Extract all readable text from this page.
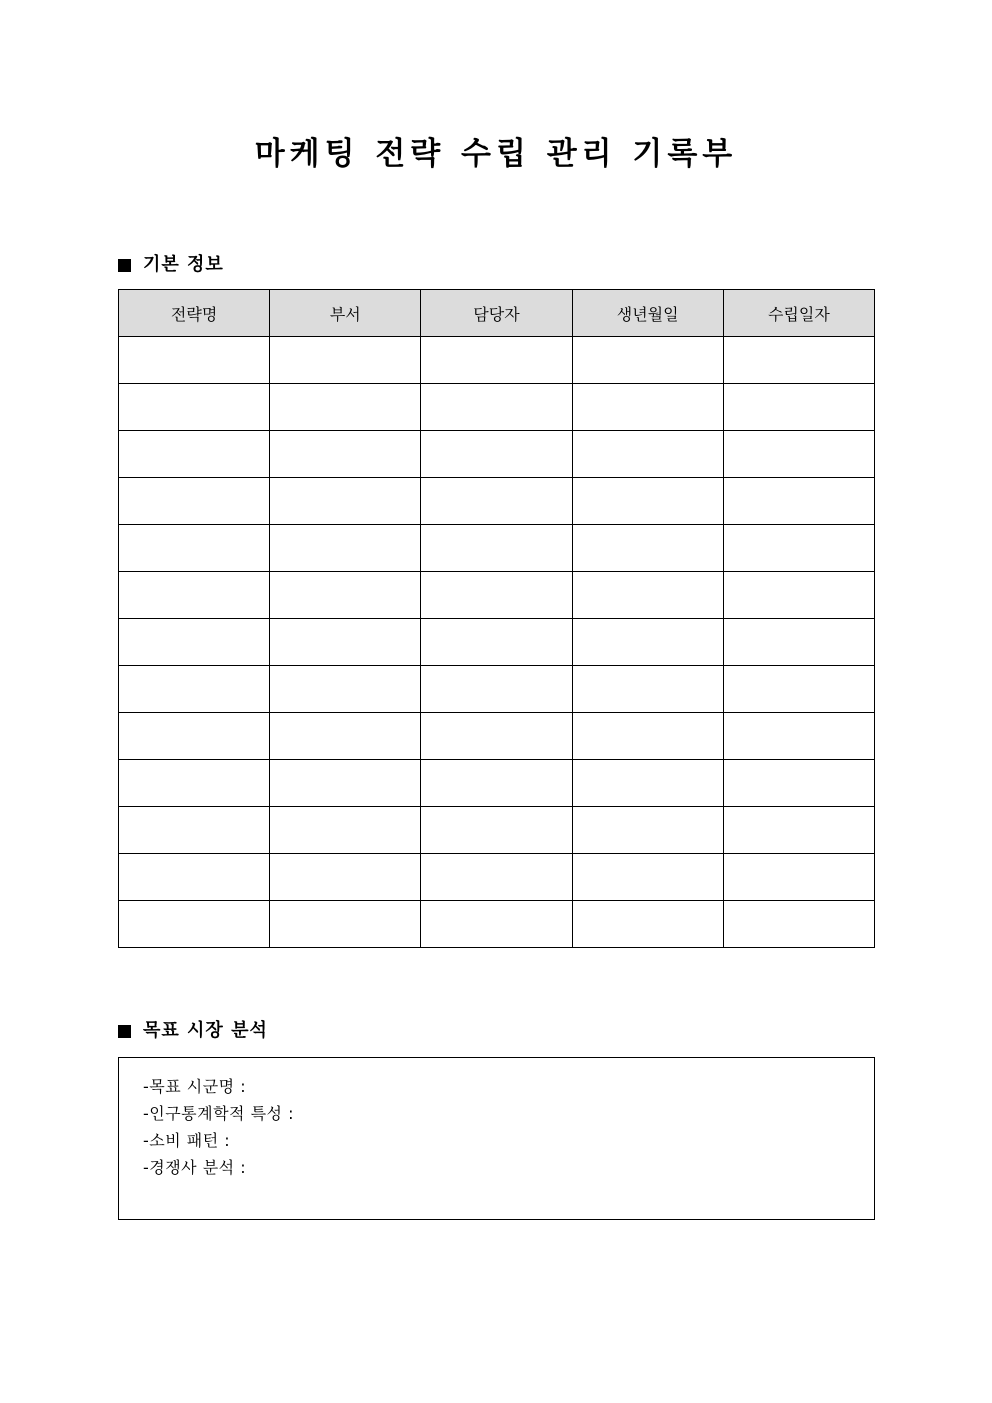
마케팅 전략 수립 관리 기록부
기본 정보
전략명	부서	담당자	생년월일	수립일자

목표 시장 분석
-목표 시군명 :
-인구통계학적 특성 :
-소비 패턴 :
-경쟁사 분석 :
